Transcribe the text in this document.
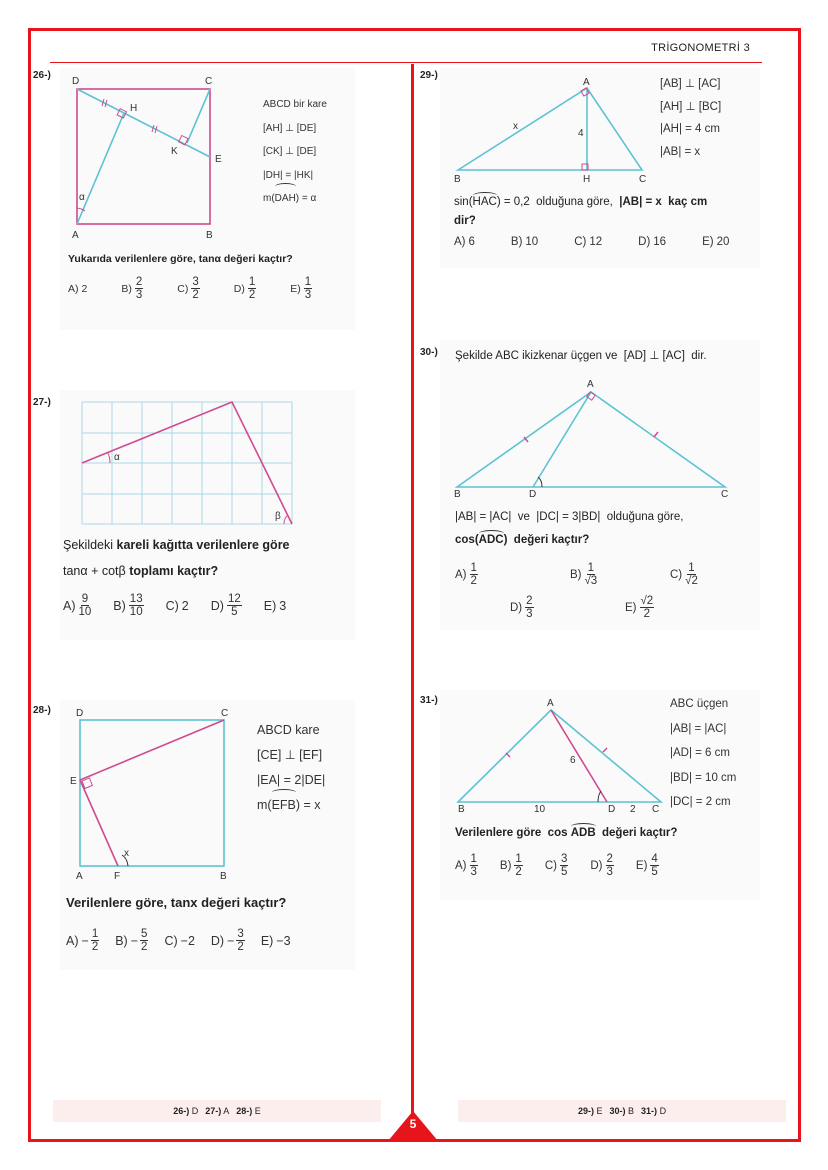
TRİGONOMETRİ 3
26-)
D	C
H
K
E
α
A	B
ABCD bir kare
[AH] ⊥ [DE]
[CK] ⊥ [DE]
|DH| = |HK|
m(DAH) = α
Yukarıda verilenlere göre, tanα değeri kaçtır?
A) 2	$B) \frac{2}{3}$	$C) \frac{3}{2}$	$D) \frac{1}{2}$	$E) \frac{1}{3}$
27-)
α
β
Şekildeki kareli kağıtta verilenlere göre
tanα + cotβ toplamı kaçtır?
$A) \frac{9}{10} B) \frac{13}{10} C$) 2 $D) \frac{12}{5} E$) 3
28-)	D	C
E
x
A	F	B
ABCD kare
[CE] ⊥ [EF]
|EA| = 2|DE|
m(EFB) = x
Verilenlere göre, tanx değeri kaçtır?
$A) - \frac{1}{2} B) - \frac{5}{2} C) -2$ $D) - \frac{3}{2} E) -3$
29-)
A
x
4
B	H	C
[AB] ⊥ [AC]
[AH] ⊥ [BC]
|AH| = 4 cm
|AB| = x
sin(HAC) = 0,2  olduğuna göre,  |AB| = x  kaç cm
dir?
A) 6	B) 10	C) 12	D) 16	E) 20
30-) Şekilde ABC ikizkenar üçgen ve  [AD] ⊥ [AC]  dir.
A
B	D	C
|AB| = |AC|  ve  |DC| = 3|BD|  olduğuna göre,
cos(ADC)  değeri kaçtır?
$A) \frac{1}{2}$	$B) \frac{1}{√3}$	$C) \frac{1}{√2}$
$D) \frac{2}{3}$	$E) \frac{√2}{2}$
31-)	A
6
B	10	D 2 C
ABC üçgen
|AB| = |AC|
|AD| = 6 cm
|BD| = 10 cm
|DC| = 2 cm
Verilenlere göre  cos ADB  değeri kaçtır?
$A) \frac{1}{3} B) \frac{1}{2} C) \frac{3}{5} D) \frac{2}{3} E) \frac{4}{5}$
26-) D 27-) A 28-) E	29-) E 30-) B 31-) D
5
